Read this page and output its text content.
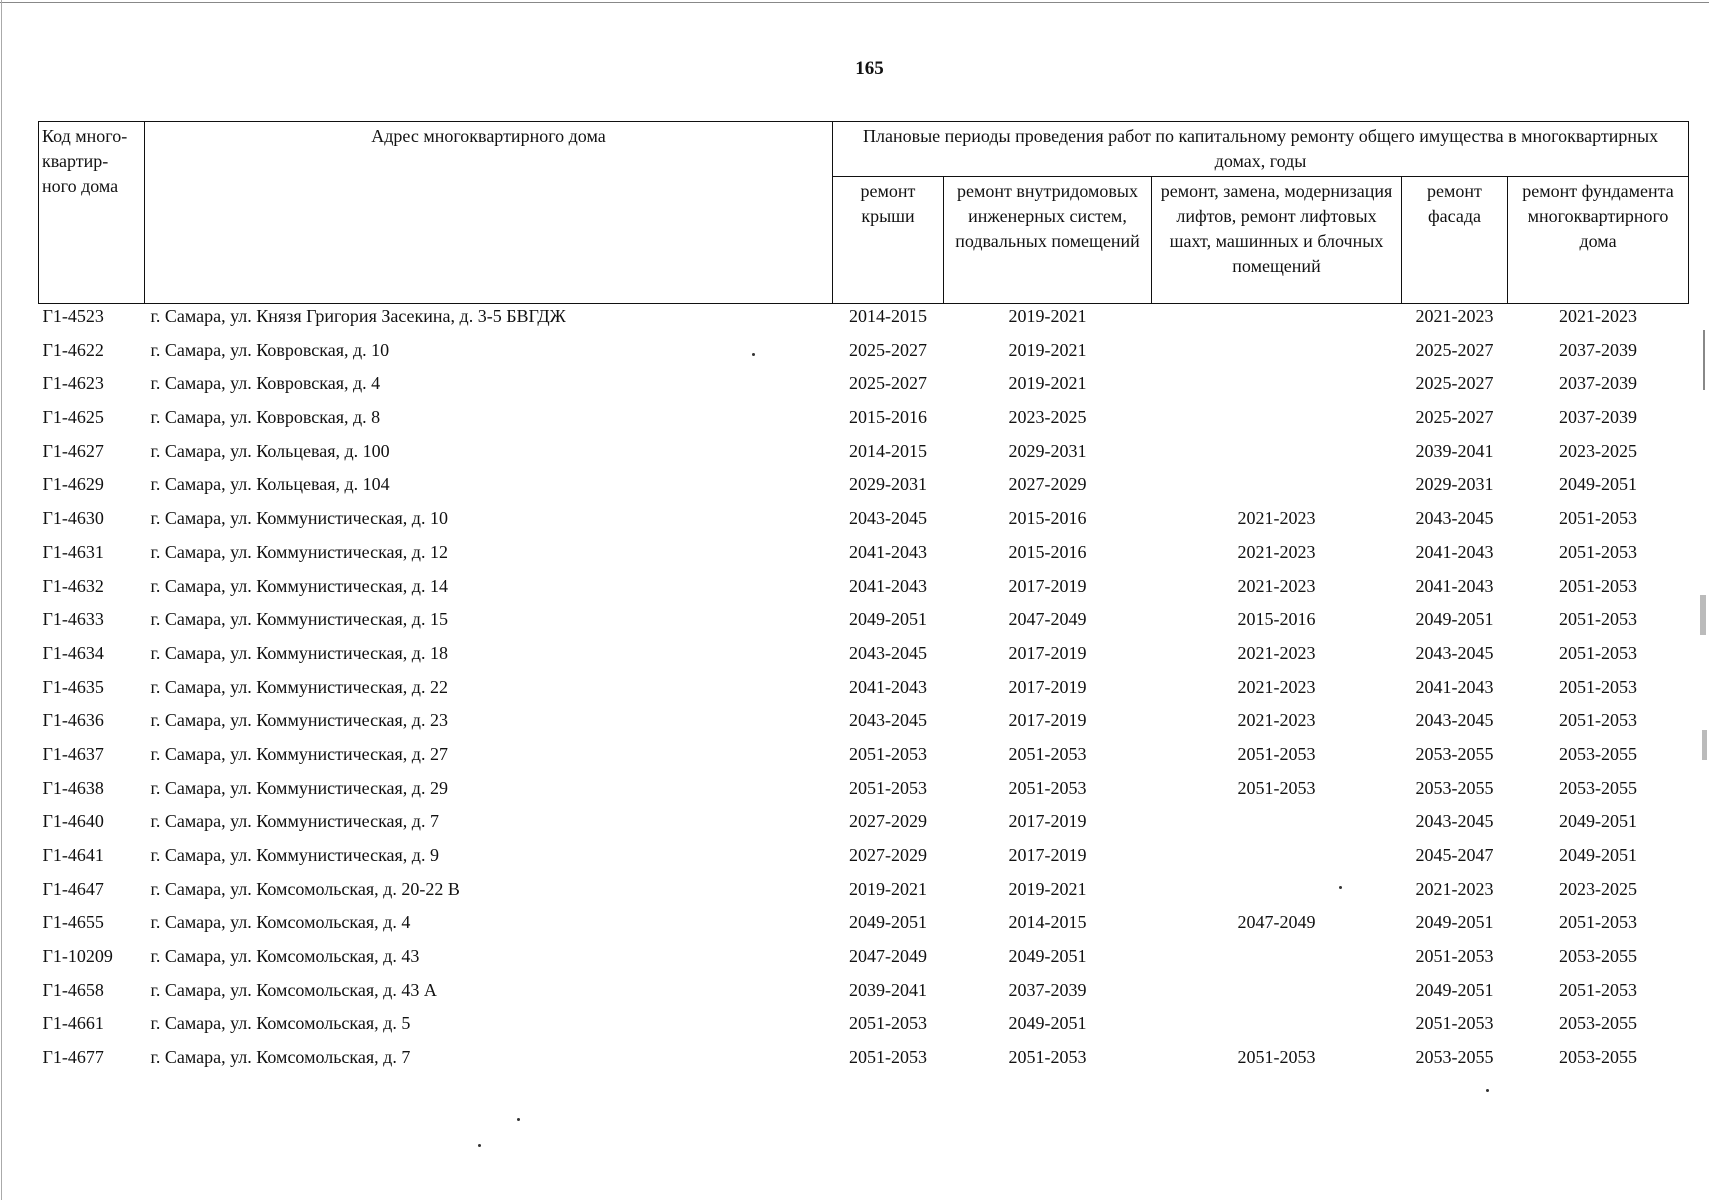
165
Код много-
квартир-
ного дома	Адрес многоквартирного дома	Плановые периоды проведения работ по капитальному ремонту общего имущества в многоквартирных домах, годы				
		ремонт крыши	ремонт внутридомовых инженерных систем, подвальных помещений	ремонт, замена, модернизация лифтов, ремонт лифтовых шахт, машинных и блочных помещений	ремонт фасада	ремонт фундамента многоквартирного дома
Г1-4523	г. Самара, ул. Князя Григория Засекина, д. 3-5 БВГДЖ	2014-2015	2019-2021		2021-2023	2021-2023
Г1-4622	г. Самара, ул. Ковровская, д. 10	2025-2027	2019-2021		2025-2027	2037-2039
Г1-4623	г. Самара, ул. Ковровская, д. 4	2025-2027	2019-2021		2025-2027	2037-2039
Г1-4625	г. Самара, ул. Ковровская, д. 8	2015-2016	2023-2025		2025-2027	2037-2039
Г1-4627	г. Самара, ул. Кольцевая, д. 100	2014-2015	2029-2031		2039-2041	2023-2025
Г1-4629	г. Самара, ул. Кольцевая, д. 104	2029-2031	2027-2029		2029-2031	2049-2051
Г1-4630	г. Самара, ул. Коммунистическая, д. 10	2043-2045	2015-2016	2021-2023	2043-2045	2051-2053
Г1-4631	г. Самара, ул. Коммунистическая, д. 12	2041-2043	2015-2016	2021-2023	2041-2043	2051-2053
Г1-4632	г. Самара, ул. Коммунистическая, д. 14	2041-2043	2017-2019	2021-2023	2041-2043	2051-2053
Г1-4633	г. Самара, ул. Коммунистическая, д. 15	2049-2051	2047-2049	2015-2016	2049-2051	2051-2053
Г1-4634	г. Самара, ул. Коммунистическая, д. 18	2043-2045	2017-2019	2021-2023	2043-2045	2051-2053
Г1-4635	г. Самара, ул. Коммунистическая, д. 22	2041-2043	2017-2019	2021-2023	2041-2043	2051-2053
Г1-4636	г. Самара, ул. Коммунистическая, д. 23	2043-2045	2017-2019	2021-2023	2043-2045	2051-2053
Г1-4637	г. Самара, ул. Коммунистическая, д. 27	2051-2053	2051-2053	2051-2053	2053-2055	2053-2055
Г1-4638	г. Самара, ул. Коммунистическая, д. 29	2051-2053	2051-2053	2051-2053	2053-2055	2053-2055
Г1-4640	г. Самара, ул. Коммунистическая, д. 7	2027-2029	2017-2019		2043-2045	2049-2051
Г1-4641	г. Самара, ул. Коммунистическая, д. 9	2027-2029	2017-2019		2045-2047	2049-2051
Г1-4647	г. Самара, ул. Комсомольская, д. 20-22 В	2019-2021	2019-2021		2021-2023	2023-2025
Г1-4655	г. Самара, ул. Комсомольская, д. 4	2049-2051	2014-2015	2047-2049	2049-2051	2051-2053
Г1-10209	г. Самара, ул. Комсомольская, д. 43	2047-2049	2049-2051		2051-2053	2053-2055
Г1-4658	г. Самара, ул. Комсомольская, д. 43 А	2039-2041	2037-2039		2049-2051	2051-2053
Г1-4661	г. Самара, ул. Комсомольская, д. 5	2051-2053	2049-2051		2051-2053	2053-2055
Г1-4677	г. Самара, ул. Комсомольская, д. 7	2051-2053	2051-2053	2051-2053	2053-2055	2053-2055
